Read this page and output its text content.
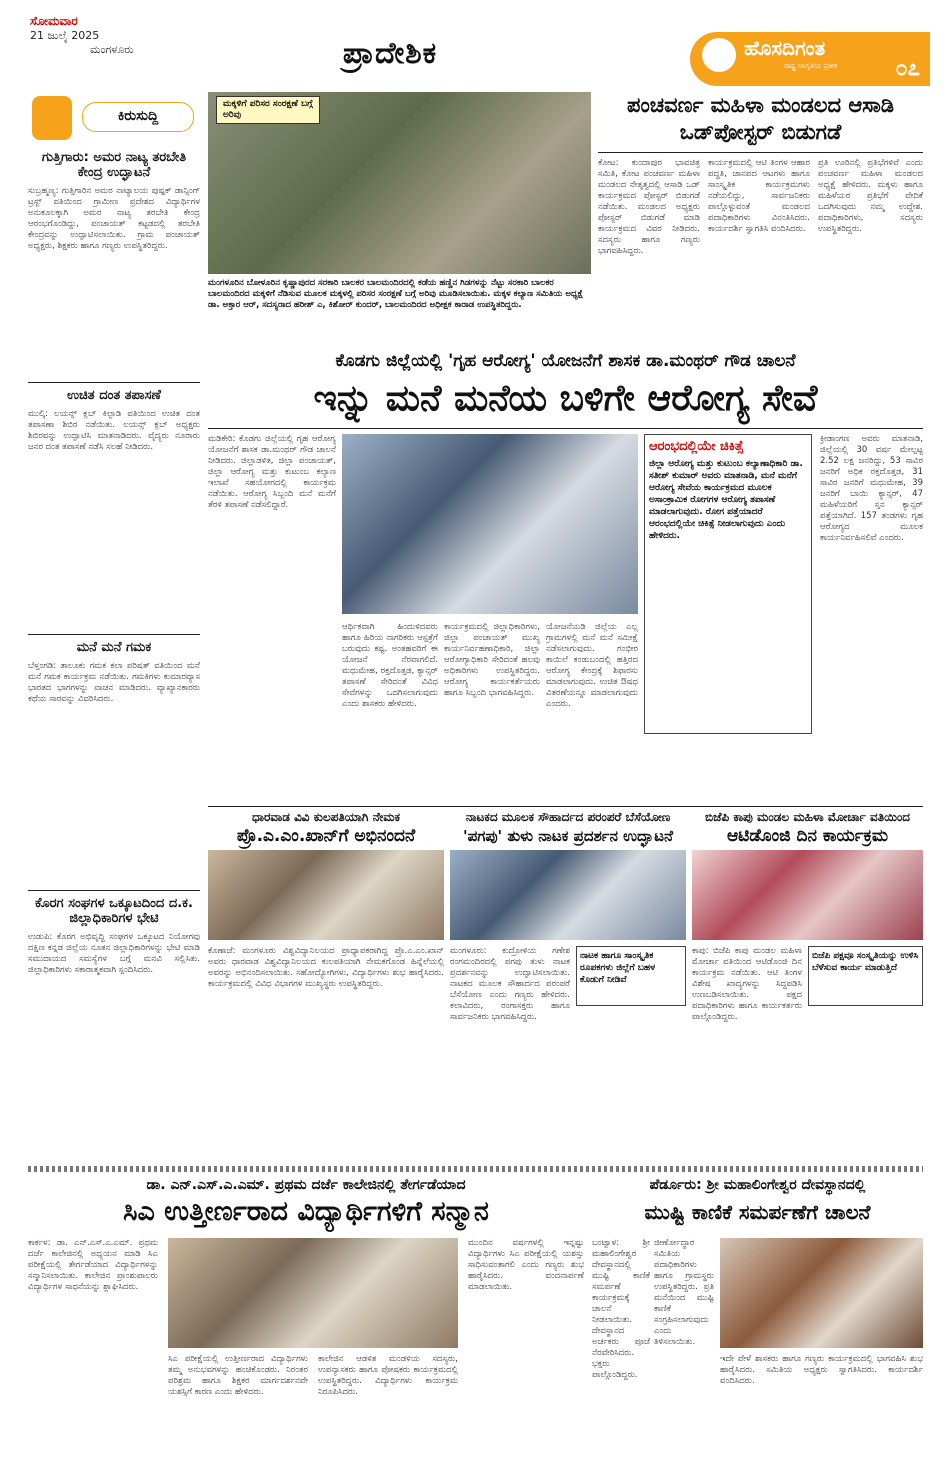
ಸೋಮವಾರ
21 ಜುಲೈ 2025
ಮಂಗಳೂರು	ಪ್ರಾದೇಶಿಕ	ಹೊಸದಿಗಂತ
ರಾಷ್ಟ್ರ ಜಾಗೃತಿಯ ಪ್ರತೀಕ	೦೭
ಕಿರುಸುದ್ದಿ
ಗುತ್ತಿಗಾರು: ಅಮರ ನಾಟ್ಯ ತರಬೇತಿ ಕೇಂದ್ರ ಉದ್ಘಾಟನೆ
ಸುಬ್ರಹ್ಮಣ್ಯ: ಗುತ್ತಿಗಾರಿನ ಅಮರ ನಾಟ್ಯಾಲಯ ಪುಷ್ಪಕ್ ಡಾನ್ಸಿಂಗ್ ಟ್ರಸ್ಟ್ ವತಿಯಿಂದ ಗ್ರಾಮೀಣ ಪ್ರದೇಶದ ವಿದ್ಯಾರ್ಥಿಗಳ ಅನುಕೂಲಕ್ಕಾಗಿ ಅಮರ ನಾಟ್ಯ ತರಬೇತಿ ಕೇಂದ್ರ ಆರಂಭಗೊಂಡಿದ್ದು, ಪಂಚಾಯತ್ ಕಟ್ಟಡದಲ್ಲಿ ತರಬೇತಿ ಕೇಂದ್ರವನ್ನು ಉದ್ಘಾಟಿಸಲಾಯಿತು. ಗ್ರಾಮ ಪಂಚಾಯತ್ ಅಧ್ಯಕ್ಷರು, ಶಿಕ್ಷಕರು ಹಾಗೂ ಗಣ್ಯರು ಉಪಸ್ಥಿತರಿದ್ದರು.
ಉಚಿತ ದಂತ ತಪಾಸಣೆ
ಮುಲ್ಕಿ: ಲಯನ್ಸ್ ಕ್ಲಬ್ ಕಿಲ್ಪಾಡಿ ವತಿಯಿಂದ ಉಚಿತ ದಂತ ತಪಾಸಣಾ ಶಿಬಿರ ನಡೆಯಿತು. ಲಯನ್ಸ್ ಕ್ಲಬ್ ಅಧ್ಯಕ್ಷರು ಶಿಬಿರವನ್ನು ಉದ್ಘಾಟಿಸಿ ಮಾತನಾಡಿದರು. ವೈದ್ಯರು ನೂರಾರು ಜನರ ದಂತ ತಪಾಸಣೆ ನಡೆಸಿ ಸಲಹೆ ನೀಡಿದರು.
ಮನೆ ಮನೆ ಗಮಕ
ಬೆಳ್ತಂಗಡಿ: ತಾಲೂಕು ಗಮಕ ಕಲಾ ಪರಿಷತ್ ವತಿಯಿಂದ ಮನೆ ಮನೆ ಗಮಕ ಕಾರ್ಯಕ್ರಮ ನಡೆಯಿತು. ಗಮಕಿಗಳು ಕುಮಾರವ್ಯಾಸ ಭಾರತದ ಭಾಗಗಳನ್ನು ವಾಚನ ಮಾಡಿದರು. ವ್ಯಾಖ್ಯಾನಕಾರರು ಕಥೆಯ ಸಾರವನ್ನು ವಿವರಿಸಿದರು.
ಕೊರಗ ಸಂಘಗಳ ಒಕ್ಕೂಟದಿಂದ ದ.ಕ. ಜಿಲ್ಲಾಧಿಕಾರಿಗಳ ಭೇಟಿ
ಉಡುಪಿ: ಕೊರಗ ಅಭಿವೃದ್ಧಿ ಸಂಘಗಳ ಒಕ್ಕೂಟದ ನಿಯೋಗವು ದಕ್ಷಿಣ ಕನ್ನಡ ಜಿಲ್ಲೆಯ ನೂತನ ಜಿಲ್ಲಾಧಿಕಾರಿಗಳನ್ನು ಭೇಟಿ ಮಾಡಿ ಸಮುದಾಯದ ಸಮಸ್ಯೆಗಳ ಬಗ್ಗೆ ಮನವಿ ಸಲ್ಲಿಸಿತು. ಜಿಲ್ಲಾಧಿಕಾರಿಗಳು ಸಕಾರಾತ್ಮಕವಾಗಿ ಸ್ಪಂದಿಸಿದರು.
ಮಕ್ಕಳಿಗೆ ಪರಿಸರ ಸಂರಕ್ಷಣೆ ಬಗ್ಗೆ ಅರಿವು
ಮಂಗಳೂರಿನ ಬೋಳೂರಿನ ಕೃಷ್ಣಾಪುರದ ಸರಕಾರಿ ಬಾಲಕರ ಬಾಲಮಂದಿರದಲ್ಲಿ ಕಡೆಯ ಹಣ್ಣಿನ ಗಿಡಗಳನ್ನು ನೆಟ್ಟು ಸರಕಾರಿ ಬಾಲಕರ ಬಾಲಮಂದಿರದ ಮಕ್ಕಳಿಗೆ ನೆಡಿಸುವ ಮೂಲಕ ಮಕ್ಕಳಲ್ಲಿ ಪರಿಸರ ಸಂರಕ್ಷಣೆ ಬಗ್ಗೆ ಅರಿವು ಮೂಡಿಸಲಾಯಿತು. ಮಕ್ಕಳ ಕಲ್ಯಾಣ ಸಮಿತಿಯ ಅಧ್ಯಕ್ಷೆ ಡಾ. ಅಕ್ತಾರ ಆರ್, ಸದಸ್ಯರಾದ ಹರೀಶ್ ಎ, ಕಿಶೋರ್ ಕುಂದರ್, ಬಾಲಮಂದಿರದ ಅಧೀಕ್ಷಕ ಕಾರಾಡ ಉಪಸ್ಥಿತರಿದ್ದರು.
ಪಂಚವರ್ಣ ಮಹಿಳಾ ಮಂಡಲದ ಆಸಾಡಿ ಒಡ್‌ಪೋಸ್ಟರ್ ಬಿಡುಗಡೆ
ಕೋಟ: ಕುಂದಾಪುರ ಭಾವಚಿತ್ರ ಸಮಿತಿ, ಕೋಟ ಪಂಚವರ್ಣ ಮಹಿಳಾ ಮಂಡಲದ ನೇತೃತ್ವದಲ್ಲಿ ಆಸಾಡಿ ಒಡ್ ಕಾರ್ಯಕ್ರಮದ ಪೋಸ್ಟರ್ ಬಿಡುಗಡೆ ನಡೆಯಿತು. ಮಂಡಲದ ಅಧ್ಯಕ್ಷರು ಪೋಸ್ಟರ್ ಬಿಡುಗಡೆ ಮಾಡಿ ಕಾರ್ಯಕ್ರಮದ ವಿವರ ನೀಡಿದರು. ಸದಸ್ಯರು ಹಾಗೂ ಗಣ್ಯರು ಭಾಗವಹಿಸಿದ್ದರು.
ಕಾರ್ಯಕ್ರಮದಲ್ಲಿ ಆಟಿ ತಿಂಗಳ ಆಹಾರ ಪದ್ಧತಿ, ಜಾನಪದ ಆಟಗಳು ಹಾಗೂ ಸಾಂಸ್ಕೃತಿಕ ಕಾರ್ಯಕ್ರಮಗಳು ನಡೆಯಲಿದ್ದು, ಸಾರ್ವಜನಿಕರು ಪಾಲ್ಗೊಳ್ಳುವಂತೆ ಮಂಡಲದ ಪದಾಧಿಕಾರಿಗಳು ವಿನಂತಿಸಿದರು. ಕಾರ್ಯದರ್ಶಿ ಸ್ವಾಗತಿಸಿ ವಂದಿಸಿದರು.
ಪ್ರತಿ ಊರಿನಲ್ಲಿ ಪ್ರತಿಭೆಗಳಿವೆ ಎಂದು ಪಂಚವರ್ಣ ಮಹಿಳಾ ಮಂಡಲದ ಅಧ್ಯಕ್ಷೆ ಹೇಳಿದರು. ಮಕ್ಕಳು ಹಾಗೂ ಮಹಿಳೆಯರ ಪ್ರತಿಭೆಗೆ ವೇದಿಕೆ ಒದಗಿಸುವುದು ನಮ್ಮ ಉದ್ದೇಶ. ಪದಾಧಿಕಾರಿಗಳು, ಸದಸ್ಯರು ಉಪಸ್ಥಿತರಿದ್ದರು.
ಕೊಡಗು ಜಿಲ್ಲೆಯಲ್ಲಿ 'ಗೃಹ ಆರೋಗ್ಯ' ಯೋಜನೆಗೆ ಶಾಸಕ ಡಾ.ಮಂಥರ್ ಗೌಡ ಚಾಲನೆ
ಇನ್ನು ಮನೆ ಮನೆಯ ಬಳಿಗೇ ಆರೋಗ್ಯ ಸೇವೆ
ಮಡಿಕೇರಿ: ಕೊಡಗು ಜಿಲ್ಲೆಯಲ್ಲಿ ಗೃಹ ಆರೋಗ್ಯ ಯೋಜನೆಗೆ ಶಾಸಕ ಡಾ.ಮಂಥರ್ ಗೌಡ ಚಾಲನೆ ನೀಡಿದರು. ಜಿಲ್ಲಾಡಳಿತ, ಜಿಲ್ಲಾ ಪಂಚಾಯತ್, ಜಿಲ್ಲಾ ಆರೋಗ್ಯ ಮತ್ತು ಕುಟುಂಬ ಕಲ್ಯಾಣ ಇಲಾಖೆ ಸಹಯೋಗದಲ್ಲಿ ಕಾರ್ಯಕ್ರಮ ನಡೆಯಿತು. ಆರೋಗ್ಯ ಸಿಬ್ಬಂದಿ ಮನೆ ಮನೆಗೆ ತೆರಳಿ ತಪಾಸಣೆ ನಡೆಸಲಿದ್ದಾರೆ.
ಆರಂಭದಲ್ಲಿಯೇ ಚಿಕಿತ್ಸೆ
ಜಿಲ್ಲಾ ಆರೋಗ್ಯ ಮತ್ತು ಕುಟುಂಬ ಕಲ್ಯಾಣಾಧಿಕಾರಿ ಡಾ. ಸತೀಶ್ ಕುಮಾರ್ ಅವರು ಮಾತನಾಡಿ, ಮನೆ ಮನೆಗೆ ಆರೋಗ್ಯ ಸೇವೆಯ ಕಾರ್ಯಕ್ರಮದ ಮೂಲಕ ಅಸಾಂಕ್ರಾಮಿಕ ರೋಗಗಳ ಆರೋಗ್ಯ ತಪಾಸಣೆ ಮಾಡಲಾಗುವುದು. ರೋಗ ಪತ್ತೆಯಾದರೆ ಆರಂಭದಲ್ಲಿಯೇ ಚಿಕಿತ್ಸೆ ನೀಡಲಾಗುವುದು ಎಂದು ಹೇಳಿದರು.
ಕ್ರೀಡಾಂಗಣ ಅವರು ಮಾತನಾಡಿ, ಜಿಲ್ಲೆಯಲ್ಲಿ 30 ವರ್ಷ ಮೇಲ್ಪಟ್ಟ 2.52 ಲಕ್ಷ ಜನರಿದ್ದು, 53 ಸಾವಿರ ಜನರಿಗೆ ಅಧಿಕ ರಕ್ತದೊತ್ತಡ, 31 ಸಾವಿರ ಜನರಿಗೆ ಮಧುಮೇಹ, 39 ಜನರಿಗೆ ಬಾಯಿ ಕ್ಯಾನ್ಸರ್, 47 ಮಹಿಳೆಯರಿಗೆ ಸ್ತನ ಕ್ಯಾನ್ಸರ್ ಪತ್ತೆಯಾಗಿದೆ. 157 ತಂಡಗಳು ಗೃಹ ಆರೋಗ್ಯದ ಮೂಲಕ ಕಾರ್ಯನಿರ್ವಹಿಸಲಿವೆ ಎಂದರು.
ಆರ್ಥಿಕವಾಗಿ ಹಿಂದುಳಿದವರು ಹಾಗೂ ಹಿರಿಯ ನಾಗರಿಕರು ಆಸ್ಪತ್ರೆಗೆ ಬರುವುದು ಕಷ್ಟ. ಅಂತಹವರಿಗೆ ಈ ಯೋಜನೆ ನೆರವಾಗಲಿದೆ. ಮಧುಮೇಹ, ರಕ್ತದೊತ್ತಡ, ಕ್ಯಾನ್ಸರ್ ತಪಾಸಣೆ ಸೇರಿದಂತೆ ವಿವಿಧ ಸೇವೆಗಳನ್ನು ಒದಗಿಸಲಾಗುವುದು ಎಂದು ಶಾಸಕರು ಹೇಳಿದರು.
ಕಾರ್ಯಕ್ರಮದಲ್ಲಿ ಜಿಲ್ಲಾಧಿಕಾರಿಗಳು, ಜಿಲ್ಲಾ ಪಂಚಾಯತ್ ಮುಖ್ಯ ಕಾರ್ಯನಿರ್ವಹಣಾಧಿಕಾರಿ, ಜಿಲ್ಲಾ ಆರೋಗ್ಯಾಧಿಕಾರಿ ಸೇರಿದಂತೆ ಹಲವು ಅಧಿಕಾರಿಗಳು ಉಪಸ್ಥಿತರಿದ್ದರು. ಆರೋಗ್ಯ ಕಾರ್ಯಕರ್ತೆಯರು ಹಾಗೂ ಸಿಬ್ಬಂದಿ ಭಾಗವಹಿಸಿದ್ದರು.
ಯೋಜನೆಯಡಿ ಜಿಲ್ಲೆಯ ಎಲ್ಲ ಗ್ರಾಮಗಳಲ್ಲಿ ಮನೆ ಮನೆ ಸಮೀಕ್ಷೆ ನಡೆಸಲಾಗುವುದು. ಗಂಭೀರ ಕಾಯಿಲೆ ಕಂಡುಬಂದಲ್ಲಿ ಹತ್ತಿರದ ಆರೋಗ್ಯ ಕೇಂದ್ರಕ್ಕೆ ಶಿಫಾರಸು ಮಾಡಲಾಗುವುದು. ಉಚಿತ ಔಷಧ ವಿತರಣೆಯನ್ನೂ ಮಾಡಲಾಗುವುದು ಎಂದರು.
ಧಾರವಾಡ ವಿವಿ ಕುಲಪತಿಯಾಗಿ ನೇಮಕ
ಪ್ರೊ.ಎ.ಎಂ.ಖಾನ್‌ಗೆ ಅಭಿನಂದನೆ
ಕೊಣಾಜೆ: ಮಂಗಳೂರು ವಿಶ್ವವಿದ್ಯಾನಿಲಯದ ಪ್ರಾಧ್ಯಾಪಕರಾಗಿದ್ದ ಪ್ರೊ.ಎ.ಎಂ.ಖಾನ್ ಅವರು ಧಾರವಾಡ ವಿಶ್ವವಿದ್ಯಾನಿಲಯದ ಕುಲಪತಿಯಾಗಿ ನೇಮಕಗೊಂಡ ಹಿನ್ನೆಲೆಯಲ್ಲಿ ಅವರನ್ನು ಅಭಿನಂದಿಸಲಾಯಿತು. ಸಹೋದ್ಯೋಗಿಗಳು, ವಿದ್ಯಾರ್ಥಿಗಳು ಶುಭ ಹಾರೈಸಿದರು. ಕಾರ್ಯಕ್ರಮದಲ್ಲಿ ವಿವಿಧ ವಿಭಾಗಗಳ ಮುಖ್ಯಸ್ಥರು ಉಪಸ್ಥಿತರಿದ್ದರು.
ನಾಟಕದ ಮೂಲಕ ಸೌಹಾರ್ದದ ಪರಂಪರೆ ಬೆಸೆಯೋಣ
'ಪಗಪು' ತುಳು ನಾಟಕ ಪ್ರದರ್ಶನ ಉದ್ಘಾಟನೆ
ಮಂಗಳೂರು: ಕುದ್ರೋಳಿಯ ಗಣೇಶ ರಂಗಮಂದಿರದಲ್ಲಿ ಪಗಪು ತುಳು ನಾಟಕ ಪ್ರದರ್ಶನವನ್ನು ಉದ್ಘಾಟಿಸಲಾಯಿತು. ನಾಟಕದ ಮೂಲಕ ಸೌಹಾರ್ದದ ಪರಂಪರೆ ಬೆಸೆಯೋಣ ಎಂದು ಗಣ್ಯರು ಹೇಳಿದರು. ಕಲಾವಿದರು, ರಂಗಾಸಕ್ತರು ಹಾಗೂ ಸಾರ್ವಜನಿಕರು ಭಾಗವಹಿಸಿದ್ದರು.
ನಾಟಕ ಹಾಗೂ ಸಾಂಸ್ಕೃತಿಕ ರೂಪಕಗಳು ಜಿಲ್ಲೆಗೆ ಬಹಳ ಕೊಡುಗೆ ನೀಡಿವೆ
ಬಿಜೆಪಿ ಕಾಪು ಮಂಡಲ ಮಹಿಳಾ ಮೋರ್ಚಾ ವತಿಯಿಂದ
ಆಟಿಡೊಂಜಿ ದಿನ ಕಾರ್ಯಕ್ರಮ
ಕಾಪು: ಬಿಜೆಪಿ ಕಾಪು ಮಂಡಲ ಮಹಿಳಾ ಮೋರ್ಚಾ ವತಿಯಿಂದ ಆಟಿಡೊಂಜಿ ದಿನ ಕಾರ್ಯಕ್ರಮ ನಡೆಯಿತು. ಆಟಿ ತಿಂಗಳ ವಿಶೇಷ ಖಾದ್ಯಗಳನ್ನು ಸಿದ್ಧಪಡಿಸಿ ಉಣಬಡಿಸಲಾಯಿತು. ಪಕ್ಷದ ಪದಾಧಿಕಾರಿಗಳು ಹಾಗೂ ಕಾರ್ಯಕರ್ತರು ಪಾಲ್ಗೊಂಡಿದ್ದರು.
ಬಿಜೆಪಿ ಪಕ್ಷವೂ ಸಂಸ್ಕೃತಿಯನ್ನು ಉಳಿಸಿ ಬೆಳೆಸುವ ಕಾರ್ಯ ಮಾಡುತ್ತಿದೆ
ಡಾ. ಎನ್.ಎಸ್.ಎ.ಎಮ್. ಪ್ರಥಮ ದರ್ಜೆ ಕಾಲೇಜಿನಲ್ಲಿ ತೇರ್ಗಡೆಯಾದ
ಸಿಎ ಉತ್ತೀರ್ಣರಾದ ವಿದ್ಯಾರ್ಥಿಗಳಿಗೆ ಸನ್ಮಾನ
ಕಾರ್ಕಳ: ಡಾ. ಎನ್.ಎಸ್.ಎ.ಎಮ್. ಪ್ರಥಮ ದರ್ಜೆ ಕಾಲೇಜಿನಲ್ಲಿ ಅಧ್ಯಯನ ಮಾಡಿ ಸಿಎ ಪರೀಕ್ಷೆಯಲ್ಲಿ ತೇರ್ಗಡೆಯಾದ ವಿದ್ಯಾರ್ಥಿಗಳನ್ನು ಸನ್ಮಾನಿಸಲಾಯಿತು. ಕಾಲೇಜಿನ ಪ್ರಾಂಶುಪಾಲರು ವಿದ್ಯಾರ್ಥಿಗಳ ಸಾಧನೆಯನ್ನು ಶ್ಲಾಘಿಸಿದರು.
ಮುಂದಿನ ವರ್ಷಗಳಲ್ಲಿ ಇನ್ನಷ್ಟು ವಿದ್ಯಾರ್ಥಿಗಳು ಸಿಎ ಪರೀಕ್ಷೆಯಲ್ಲಿ ಯಶಸ್ಸು ಸಾಧಿಸುವಂತಾಗಲಿ ಎಂದು ಗಣ್ಯರು ಶುಭ ಹಾರೈಸಿದರು. ವಂದನಾರ್ಪಣೆ ಮಾಡಲಾಯಿತು.
ಸಿಎ ಪರೀಕ್ಷೆಯಲ್ಲಿ ಉತ್ತೀರ್ಣರಾದ ವಿದ್ಯಾರ್ಥಿಗಳು ತಮ್ಮ ಅನುಭವಗಳನ್ನು ಹಂಚಿಕೊಂಡರು. ನಿರಂತರ ಪರಿಶ್ರಮ ಹಾಗೂ ಶಿಕ್ಷಕರ ಮಾರ್ಗದರ್ಶನವೇ ಯಶಸ್ಸಿಗೆ ಕಾರಣ ಎಂದು ಹೇಳಿದರು.
ಕಾಲೇಜಿನ ಆಡಳಿತ ಮಂಡಳಿಯ ಸದಸ್ಯರು, ಉಪನ್ಯಾಸಕರು ಹಾಗೂ ಪೋಷಕರು ಕಾರ್ಯಕ್ರಮದಲ್ಲಿ ಉಪಸ್ಥಿತರಿದ್ದರು. ವಿದ್ಯಾರ್ಥಿಗಳು ಕಾರ್ಯಕ್ರಮ ನಿರೂಪಿಸಿದರು.
ಪೆರ್ಡೂರು: ಶ್ರೀ ಮಹಾಲಿಂಗೇಶ್ವರ ದೇವಸ್ಥಾನದಲ್ಲಿ
ಮುಷ್ಟಿ ಕಾಣಿಕೆ ಸಮರ್ಪಣೆಗೆ ಚಾಲನೆ
ಬಂಟ್ವಾಳ: ಶ್ರೀ ಮಹಾಲಿಂಗೇಶ್ವರ ದೇವಸ್ಥಾನದಲ್ಲಿ ಮುಷ್ಟಿ ಕಾಣಿಕೆ ಸಮರ್ಪಣೆ ಕಾರ್ಯಕ್ರಮಕ್ಕೆ ಚಾಲನೆ ನೀಡಲಾಯಿತು. ದೇವಸ್ಥಾನದ ಅರ್ಚಕರು ಪೂಜೆ ನೆರವೇರಿಸಿದರು. ಭಕ್ತರು ಪಾಲ್ಗೊಂಡಿದ್ದರು.
ಜೀರ್ಣೋದ್ಧಾರ ಸಮಿತಿಯ ಪದಾಧಿಕಾರಿಗಳು ಹಾಗೂ ಗ್ರಾಮಸ್ಥರು ಉಪಸ್ಥಿತರಿದ್ದರು. ಪ್ರತಿ ಮನೆಯಿಂದ ಮುಷ್ಟಿ ಕಾಣಿಕೆ ಸಂಗ್ರಹಿಸಲಾಗುವುದು ಎಂದು ತಿಳಿಸಲಾಯಿತು.
ಇದೇ ವೇಳೆ ಶಾಸಕರು ಹಾಗೂ ಗಣ್ಯರು ಕಾರ್ಯಕ್ರಮದಲ್ಲಿ ಭಾಗವಹಿಸಿ ಶುಭ ಹಾರೈಸಿದರು. ಸಮಿತಿಯ ಅಧ್ಯಕ್ಷರು ಸ್ವಾಗತಿಸಿದರು. ಕಾರ್ಯದರ್ಶಿ ವಂದಿಸಿದರು.
